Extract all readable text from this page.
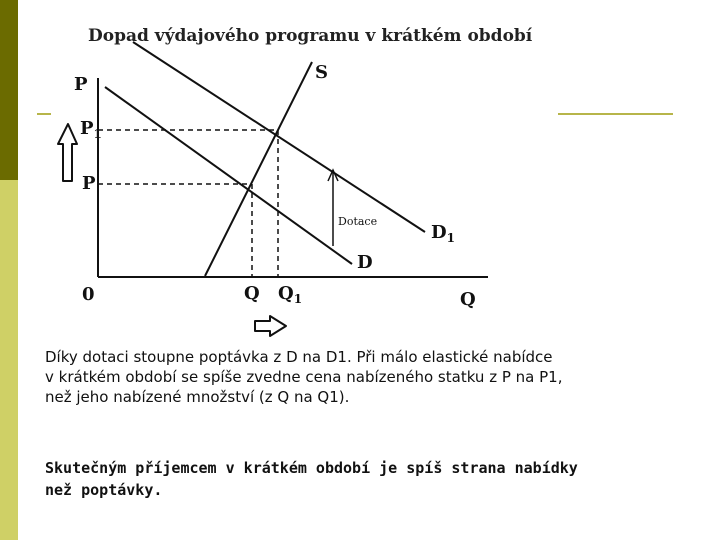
Dopad výdajového programu v krátkém období
P
Q
0
S
D
$D_1$
$P_1$
P
Q $Q_1$
Dotace

Díky dotaci stoupne poptávka z D na D1. Při málo elastické nabídce

v krátkém období se spíše zvedne cena nabízeného statku z P na P1,

než jeho nabízené množství (z Q na Q1).

Skutečným příjemcem v krátkém období je spíš strana nabídky

než poptávky.
